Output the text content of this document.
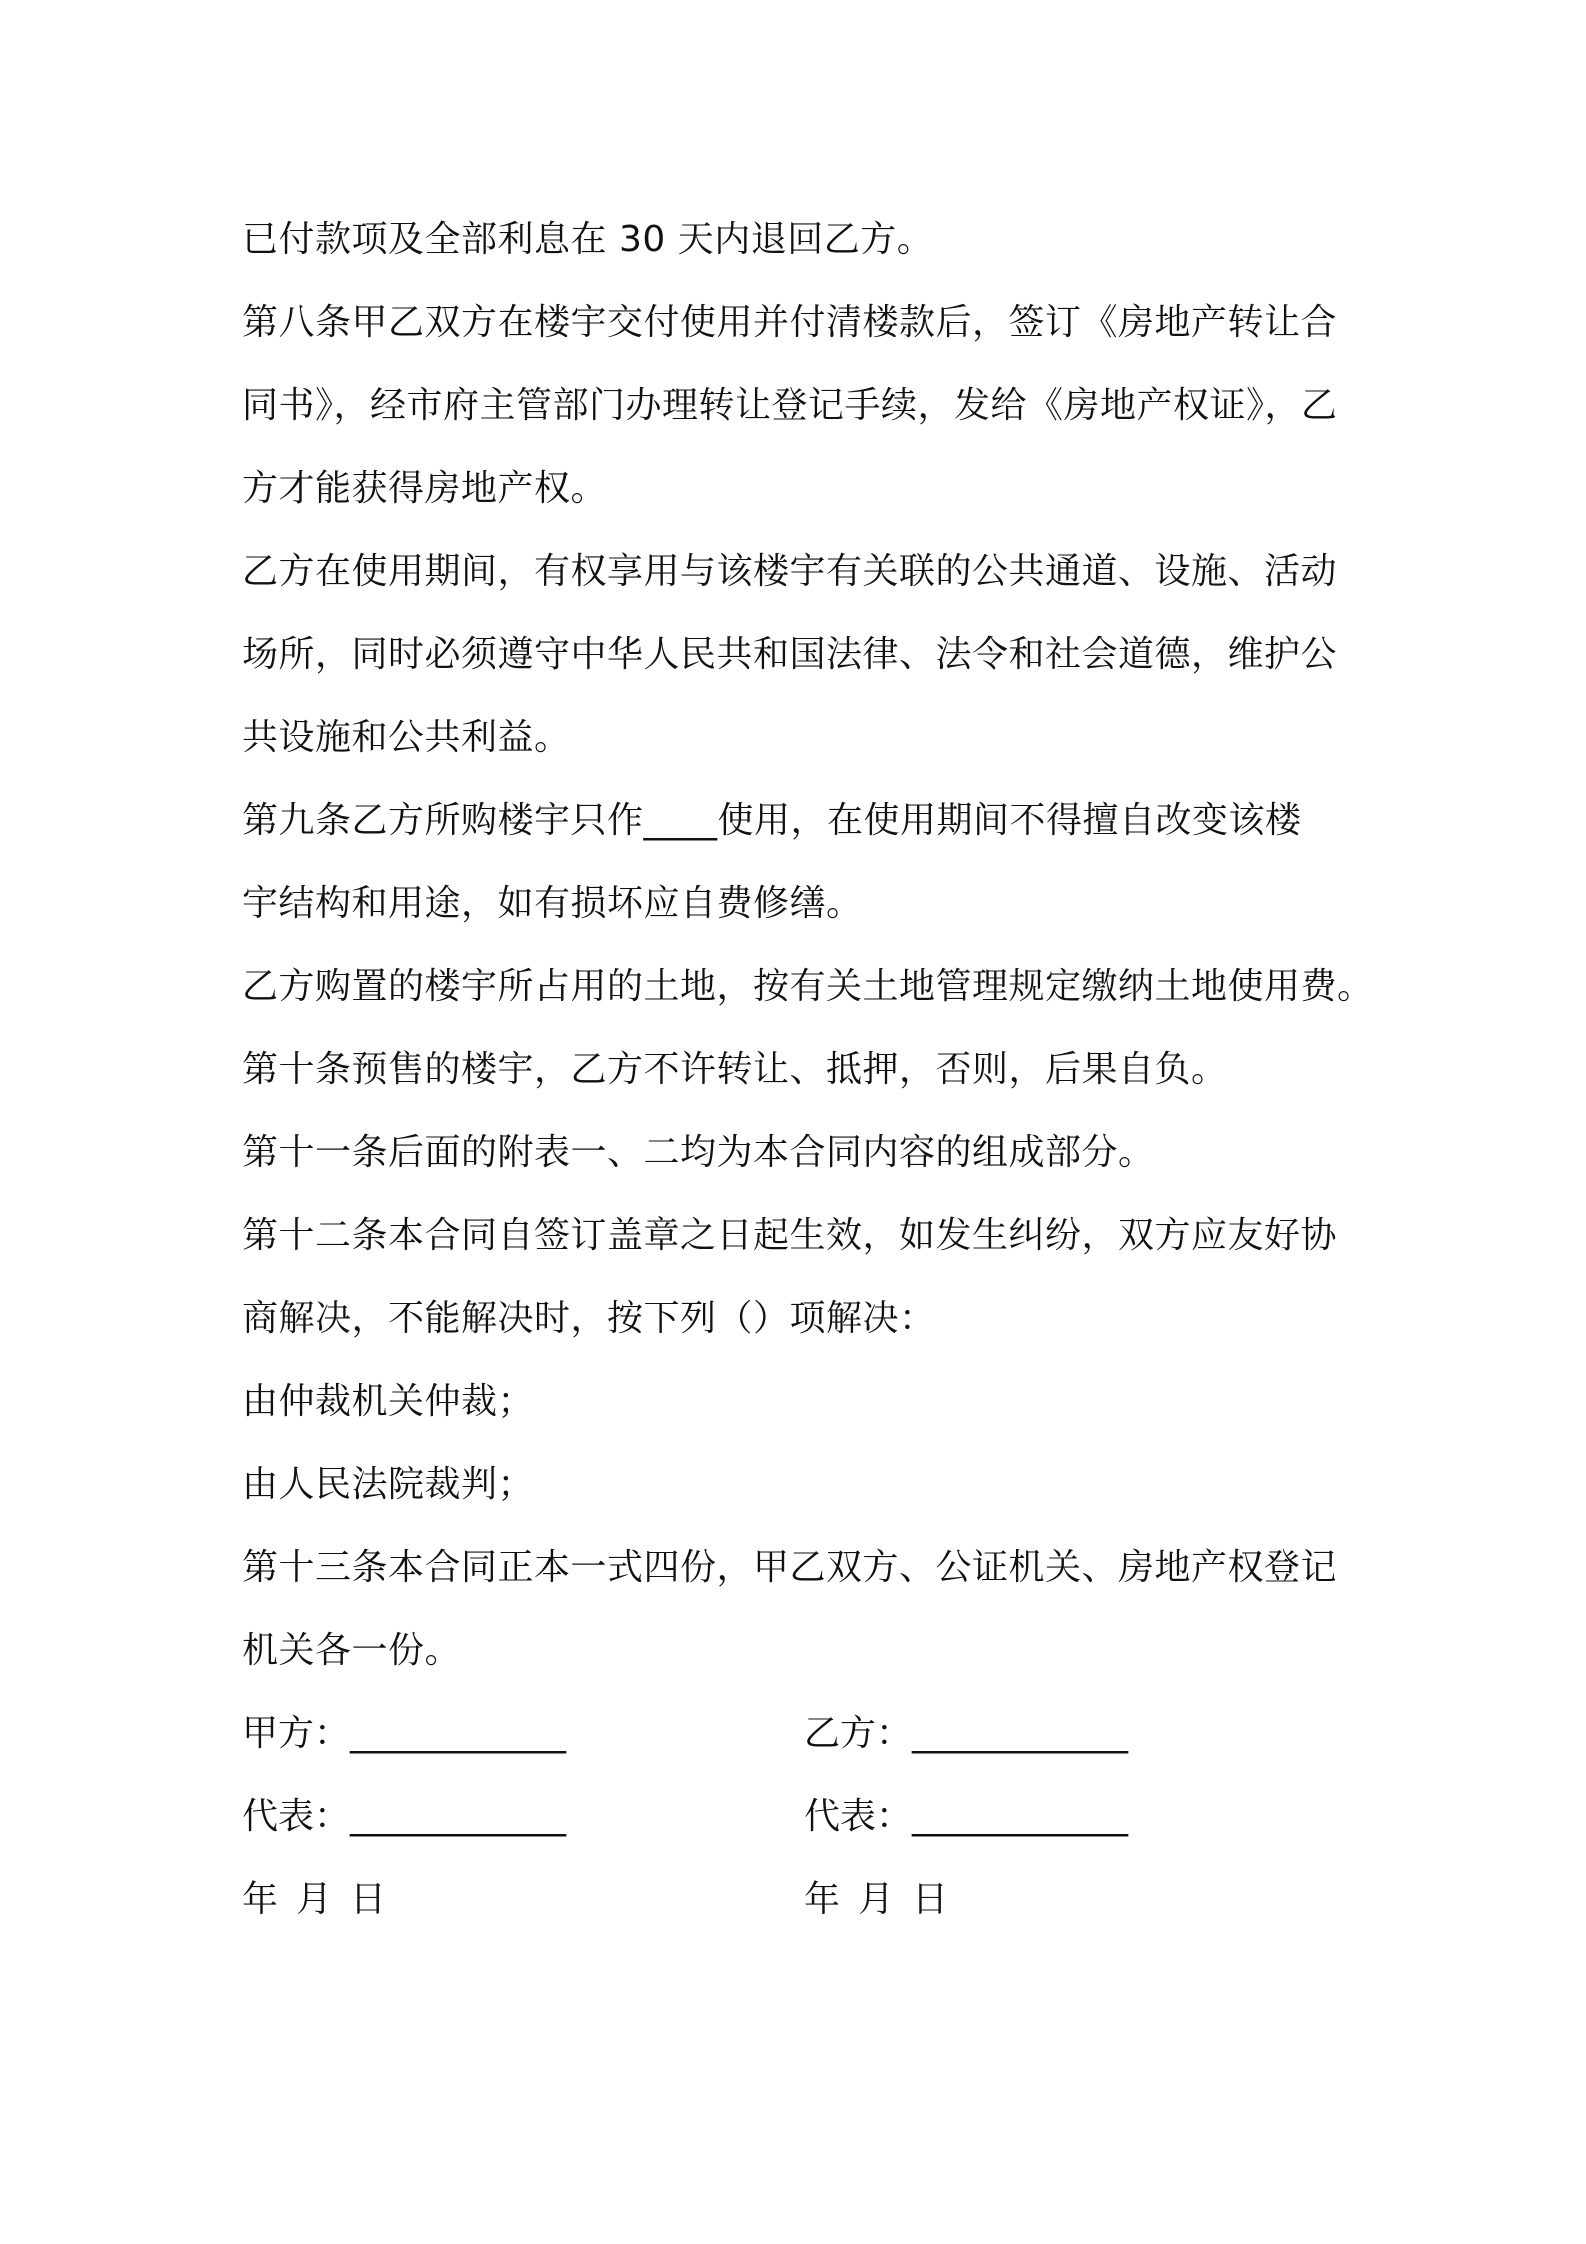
已付款项及全部利息在 30 天内退回乙方。
第八条甲乙双方在楼宇交付使用并付清楼款后，签订《房地产转让合
同书》，经市府主管部门办理转让登记手续，发给《房地产权证》，乙
方才能获得房地产权。
乙方在使用期间，有权享用与该楼宇有关联的公共通道、设施、活动
场所，同时必须遵守中华人民共和国法律、法令和社会道德，维护公
共设施和公共利益。
第九条乙方所购楼宇只作____使用，在使用期间不得擅自改变该楼
宇结构和用途，如有损坏应自费修缮。
乙方购置的楼宇所占用的土地，按有关土地管理规定缴纳土地使用费。
第十条预售的楼宇，乙方不许转让、抵押，否则，后果自负。
第十一条后面的附表一、二均为本合同内容的组成部分。
第十二条本合同自签订盖章之日起生效，如发生纠纷，双方应友好协
商解决，不能解决时，按下列（）项解决：
由仲裁机关仲裁；
由人民法院裁判；
第十三条本合同正本一式四份，甲乙双方、公证机关、房地产权登记
机关各一份。
甲方：____________	乙方：____________
代表：____________	代表：____________
年 月 日	年 月 日
